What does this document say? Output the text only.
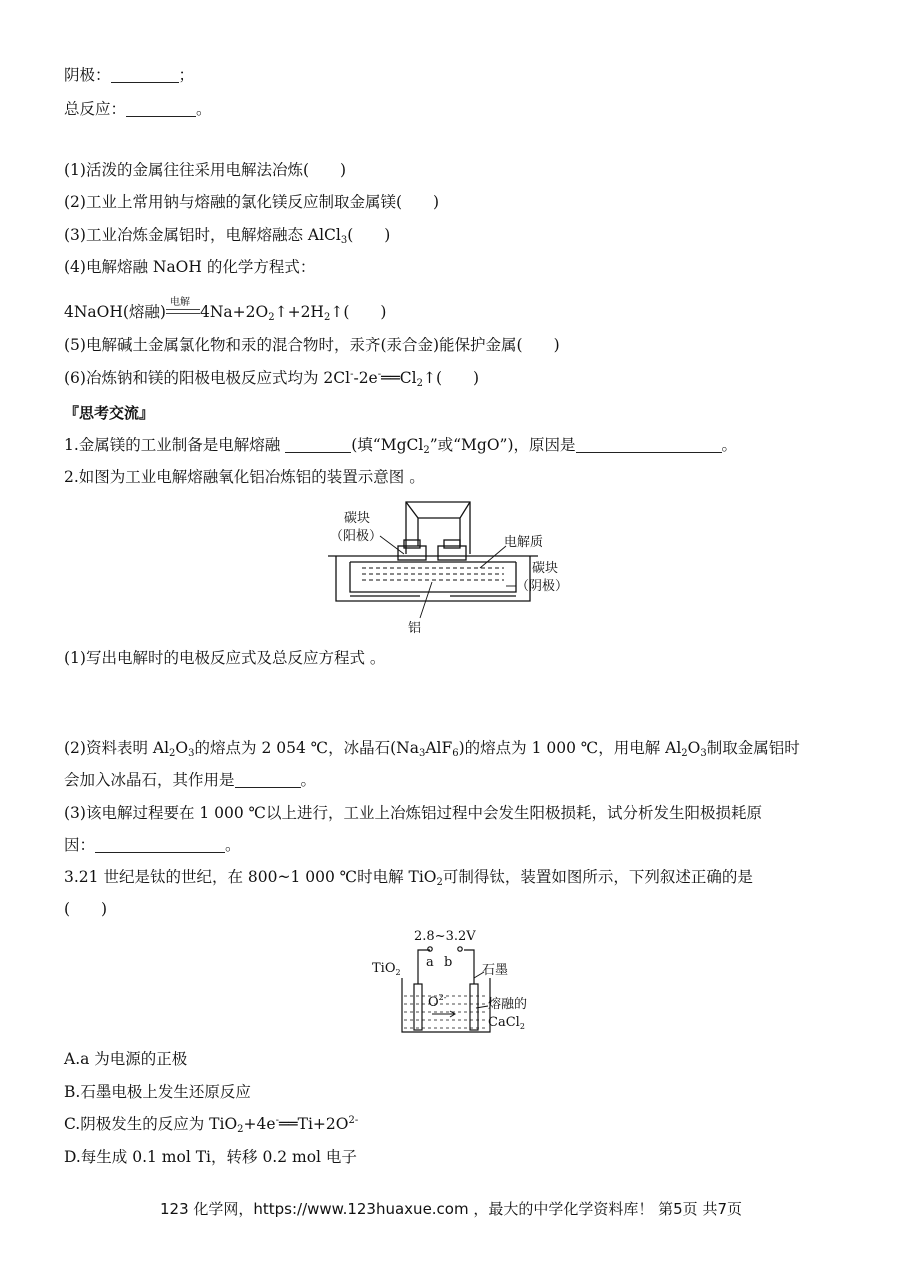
阴极：	；
总反应：	。
(1)活泼的金属往往采用电解法冶炼(　　)
(2)工业上常用钠与熔融的氯化镁反应制取金属镁(　　)
(3)工业冶炼金属铝时，电解熔融态 AlCl$_3$(　　)
(4)电解熔融 NaOH 的化学方程式：
4NaOH(熔融)
电解
$4Na+2O_2↑+2H_2↑$(　　)
(5)电解碱土金属氯化物和汞的混合物时，汞齐(汞合金)能保护金属(　　)
(6)冶炼钠和镁的阳极电极反应式均为 $2Cl^--2e^-══Cl_2↑$(　　)
『思考交流』
1.金属镁的工业制备是电解熔融	(填“MgCl$_2$”或“MgO”)，原因是	。
2.如图为工业电解熔融氧化铝冶炼铝的装置示意图 。
碳块
（阳极）	电解质
碳块
（阴极）
铝
(1)写出电解时的电极反应式及总反应方程式 。
(2)资料表明 $Al_2O_3$的熔点为 2 054 ℃，冰晶石$(Na_3AlF_6)$的熔点为 1 000 ℃，用电解 $Al_2O_3$制取金属铝时
会加入冰晶石，其作用是	。
(3)该电解过程要在 1 000 ℃以上进行，工业上冶炼铝过程中会发生阳极损耗，试分析发生阳极损耗原
因：	。
3.21 世纪是钛的世纪，在 800~1 000 ℃时电解 TiO$_2$可制得钛，装置如图所示，下列叙述正确的是
(　　)
2.8~3.2V
a b
TiO$_2$	石墨
$O^{2-}$	熔融的
CaCl$_2$
A.a 为电源的正极
B.石墨电极上发生还原反应
C.阴极发生的反应为 $TiO_2+4e^-══Ti+2O^{2-}$
D.每生成 0.1 mol Ti，转移 0.2 mol 电子
123 化学网，https://www.123huaxue.com ，最大的中学化学资料库！ 第5页 共7页
